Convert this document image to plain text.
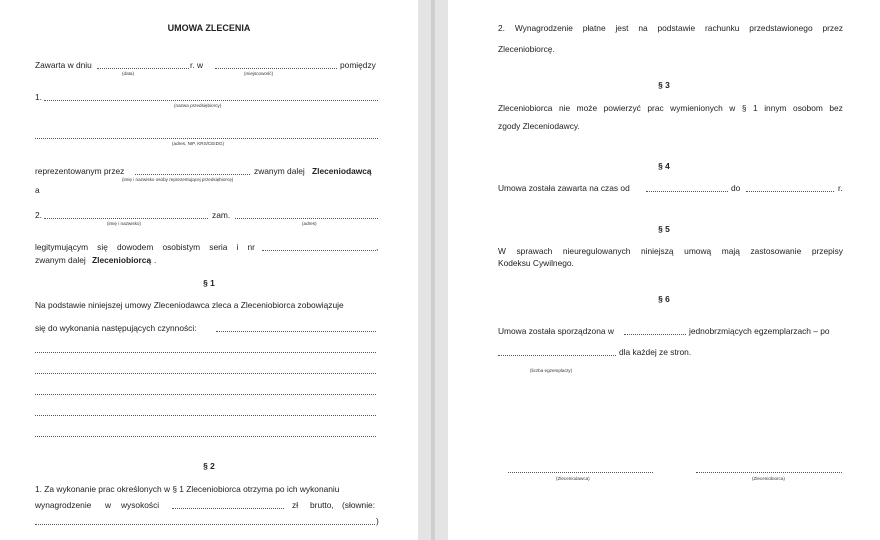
UMOWA ZLECENIA
Zawarta w dniu	r. w	pomiędzy
(data)	(miejscowość)
1.
(nazwa przedsiębiorcy)
(adres, NIP, KRS/CEIDG)
reprezentowanym przez	zwanym dalej Zleceniodawcą
(imię i nazwisko osoby reprezentującej przedsiębiorcę)
a
2.	zam.
(imię i nazwisko)	(adres)
legitymującym się dowodem osobistym seria i nr	,
zwanym dalej Zleceniobiorcą .
§ 1
Na podstawie niniejszej umowy Zleceniodawca zleca a Zleceniobiorca zobowiązuje
się do wykonania następujących czynności:
§ 2
1. Za wykonanie prac określonych w § 1 Zleceniobiorca otrzyma po ich wykonaniu
wynagrodzenie w wysokości	zł brutto, (słownie:
)
2. Wynagrodzenie płatne jest na podstawie rachunku przedstawionego przez
Zleceniobiorcę.
§ 3
Zleceniobiorca nie może powierzyć prac wymienionych w § 1 innym osobom bez
zgody Zleceniodawcy.
§ 4
Umowa została zawarta na czas od	do	r.
§ 5
W sprawach nieuregulowanych niniejszą umową mają zastosowanie przepisy
Kodeksu Cywilnego.
§ 6
Umowa została sporządzona w	jednobrzmiących egzemplarzach – po
dla każdej ze stron.
(liczba egzemplarzy)
(Zleceniodawca)	(Zleceniobiorca)
